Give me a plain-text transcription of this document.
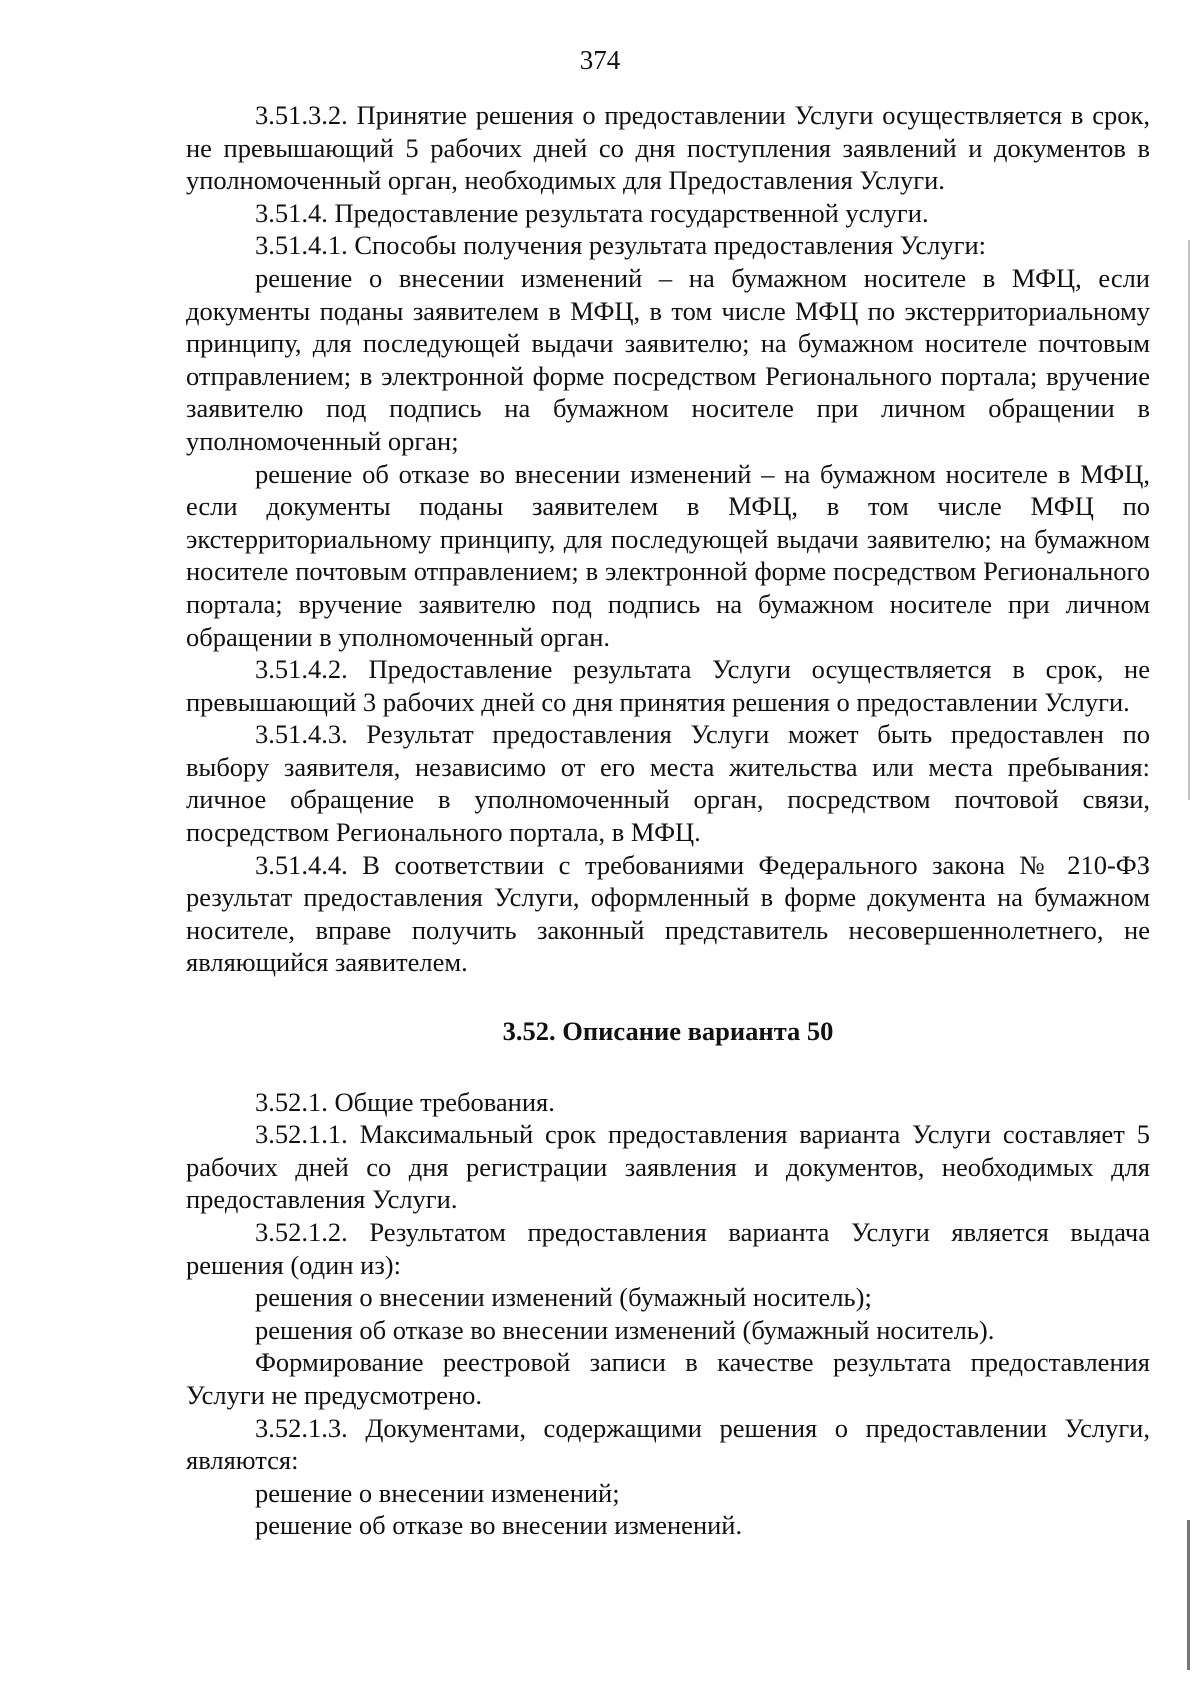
374

3.51.3.2. Принятие решения о предоставлении Услуги осуществляется в срок, не превышающий 5 рабочих дней со дня поступления заявлений и документов в уполномоченный орган, необходимых для Предоставления Услуги.

3.51.4. Предоставление результата государственной услуги.

3.51.4.1. Способы получения результата предоставления Услуги:

решение о внесении изменений – на бумажном носителе в МФЦ, если документы поданы заявителем в МФЦ, в том числе МФЦ по экстерриториальному принципу, для последующей выдачи заявителю; на бумажном носителе почтовым отправлением; в электронной форме посредством Регионального портала; вручение заявителю под подпись на бумажном носителе при личном обращении в уполномоченный орган;

решение об отказе во внесении изменений – на бумажном носителе в МФЦ, если документы поданы заявителем в МФЦ, в том числе МФЦ по экстерриториальному принципу, для последующей выдачи заявителю; на бумажном носителе почтовым отправлением; в электронной форме посредством Регионального портала; вручение заявителю под подпись на бумажном носителе при личном обращении в уполномоченный орган.

3.51.4.2. Предоставление результата Услуги осуществляется в срок, не превышающий 3 рабочих дней со дня принятия решения о предоставлении Услуги.

3.51.4.3. Результат предоставления Услуги может быть предоставлен по выбору заявителя, независимо от его места жительства или места пребывания: личное обращение в уполномоченный орган, посредством почтовой связи, посредством Регионального портала, в МФЦ.

3.51.4.4. В соответствии с требованиями Федерального закона № 210-ФЗ результат предоставления Услуги, оформленный в форме документа на бумажном носителе, вправе получить законный представитель несовершеннолетнего, не являющийся заявителем.

3.52. Описание варианта 50

3.52.1. Общие требования.

3.52.1.1. Максимальный срок предоставления варианта Услуги составляет 5 рабочих дней со дня регистрации заявления и документов, необходимых для предоставления Услуги.

3.52.1.2. Результатом предоставления варианта Услуги является выдача решения (один из):

решения о внесении изменений (бумажный носитель);

решения об отказе во внесении изменений (бумажный носитель).

Формирование реестровой записи в качестве результата предоставления Услуги не предусмотрено.

3.52.1.3. Документами, содержащими решения о предоставлении Услуги, являются:

решение о внесении изменений;

решение об отказе во внесении изменений.
